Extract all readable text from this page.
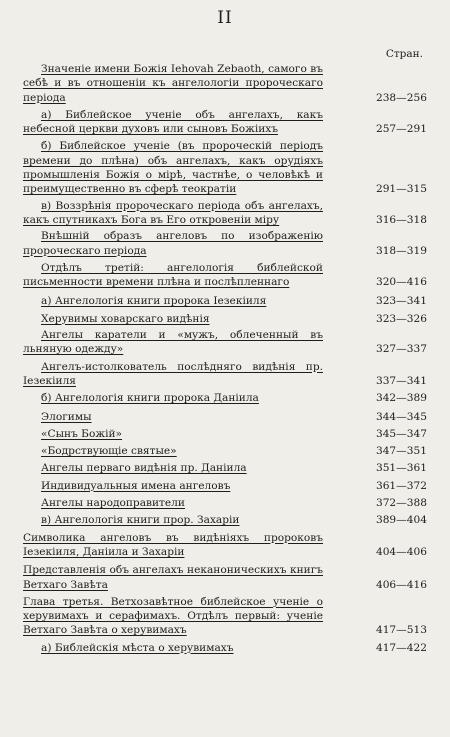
II
Стран.
Значеніе имени Божія Iehovah Zebaoth, самого въ себѣ и въ отношеніи къ ангелологіи пророческаго періода	238—256
а) Библейское ученіе объ ангелахъ, какъ небесной церкви духовъ или сыновъ Божіихъ	257—291
б) Библейское ученіе (въ пророческій періодъ времени до плѣна) объ ангелахъ, какъ орудіяхъ промышленія Божія о мірѣ, частнѣе, о человѣкѣ и преимущественно въ сферѣ теократіи	291—315
в) Воззрѣнія пророческаго періода объ ангелахъ, какъ спутникахъ Бога въ Его откровеніи міру	316—318
Внѣшній образъ ангеловъ по изображенію пророческаго періода	318—319
Отдѣлъ третій: ангелологія библейской письменности времени плѣна и послѣпленнаго	320—416
а) Ангелологія книги пророка Iезекіиля	323—341
Херувимы ховарскаго видѣнія	323—326
Ангелы каратели и «мужъ, облеченный въ льняную одежду»	327—337
Ангелъ-истолкователь послѣдняго видѣнія пр. Iезекіиля	337—341
б) Ангелологія книги пророка Даніила	342—389
Элогимы	344—345
«Сынъ Божій»	345—347
«Бодрствующіе святые»	347—351
Ангелы перваго видѣнія пр. Даніила	351—361
Индивидуальныя имена ангеловъ	361—372
Ангелы народоправители	372—388
в) Ангелологія книги прор. Захаріи	389—404
Символика ангеловъ въ видѣніяхъ пророковъ Iезекіиля, Даніила и Захаріи	404—406
Представленія объ ангелахъ неканоническихъ книгъ Ветхаго Завѣта	406—416
Глава третья. Ветхозавѣтное библейское ученіе о херувимахъ и серафимахъ. Отдѣлъ первый: ученіе Ветхаго Завѣта о херувимахъ	417—513
а) Библейскія мѣста о херувимахъ	417—422
